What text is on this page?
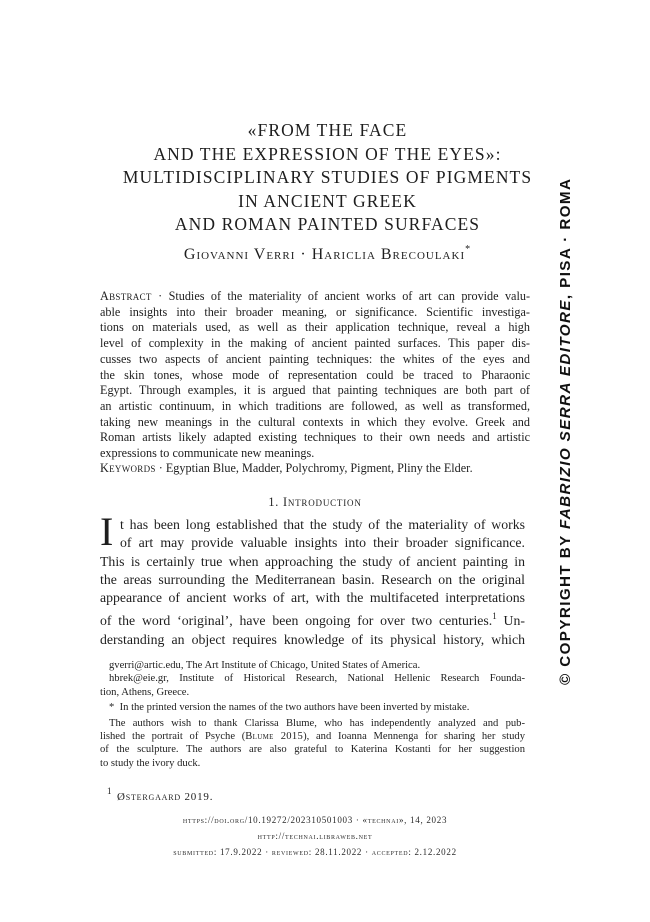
«FROM THE FACE
AND THE EXPRESSION OF THE EYES»:
MULTIDISCIPLINARY STUDIES OF PIGMENTS
IN ANCIENT GREEK
AND ROMAN PAINTED SURFACES
Giovanni Verri · Hariclia Brecoulaki*
Abstract · Studies of the materiality of ancient works of art can provide valu-
able insights into their broader meaning, or significance. Scientific investiga-
tions on materials used, as well as their application technique, reveal a high
level of complexity in the making of ancient painted surfaces. This paper dis-
cusses two aspects of ancient painting techniques: the whites of the eyes and
the skin tones, whose mode of representation could be traced to Pharaonic
Egypt. Through examples, it is argued that painting techniques are both part of
an artistic continuum, in which traditions are followed, as well as transformed,
taking new meanings in the cultural contexts in which they evolve. Greek and
Roman artists likely adapted existing techniques to their own needs and artistic
expressions to communicate new meanings.
Keywords · Egyptian Blue, Madder, Polychromy, Pigment, Pliny the Elder.
1. Introduction
I t has been long established that the study of the materiality of works
of art may provide valuable insights into their broader significance.
This is certainly true when approaching the study of ancient painting in
the areas surrounding the Mediterranean basin. Research on the original
appearance of ancient works of art, with the multifaceted interpretations
of the word ‘original’, have been ongoing for over two centuries.$^1$ Un-
derstanding an object requires knowledge of its physical history, which
gverri@artic.edu, The Art Institute of Chicago, United States of America.
hbrek@eie.gr, Institute of Historical Research, National Hellenic Research Founda-
tion, Athens, Greece.
* In the printed version the names of the two authors have been inverted by mistake.
The authors wish to thank Clarissa Blume, who has independently analyzed and pub-
lished the portrait of Psyche (Blume 2015), and Ioanna Mennenga for sharing her study
of the sculpture. The authors are also grateful to Katerina Kostanti for her suggestion
to study the ivory duck.
$^1$ Østergaard 2019.
https://doi.org/10.19272/202310501003 · «technai», 14, 2023
http://technai.libraweb.net
submitted: 17.9.2022 · reviewed: 28.11.2022 · accepted: 2.12.2022
© COPYRIGHT BY FABRIZIO SERRA EDITORE, PISA · ROMA
